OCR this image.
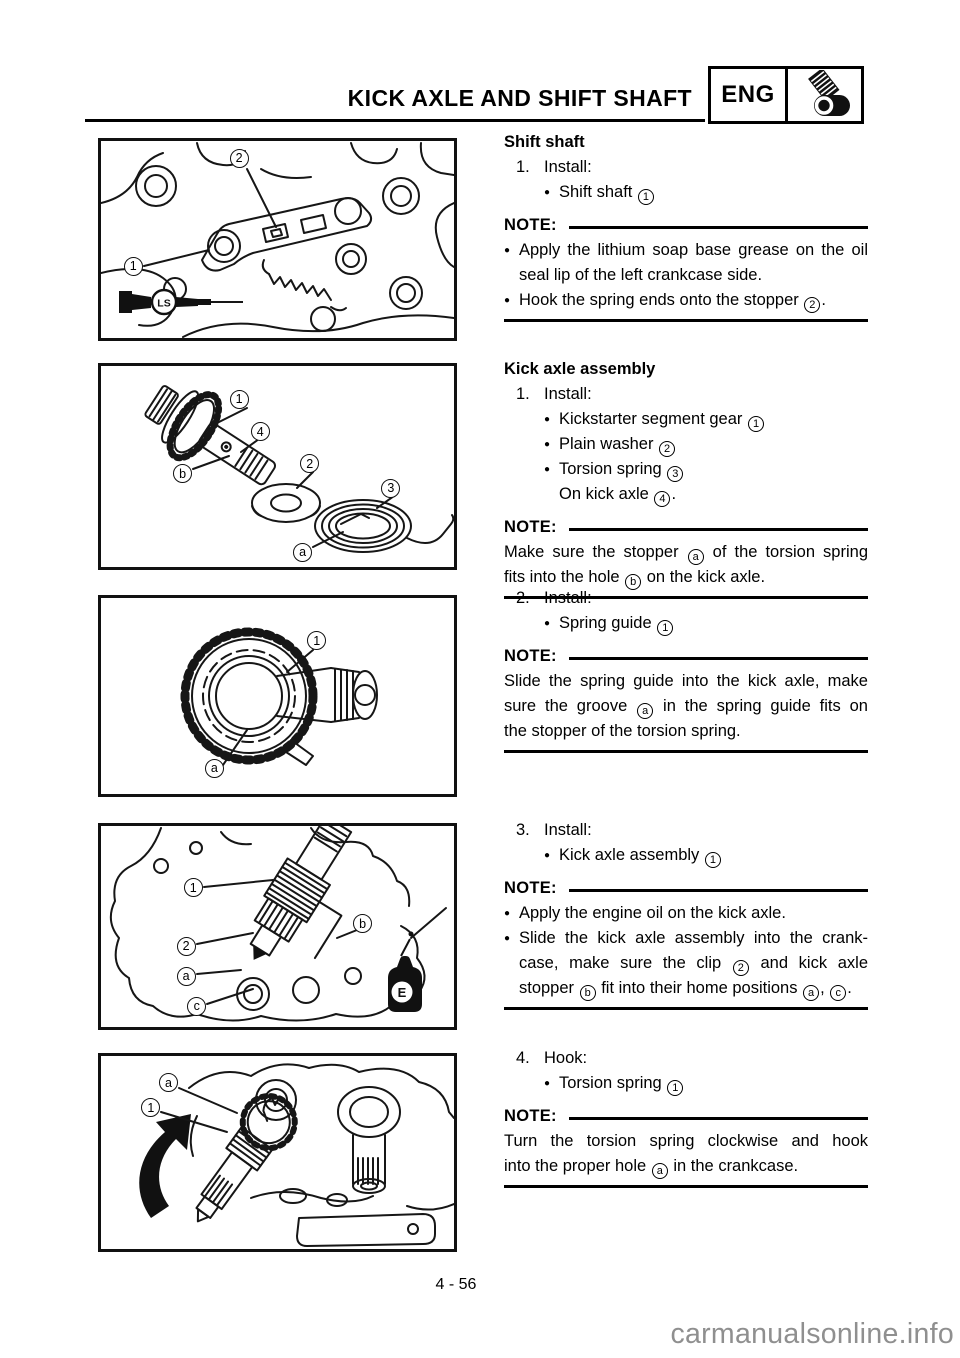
KICK AXLE AND SHIFT SHAFT	ENG
LS
2
1
1
4
b
2
3
a
1
a
E
1
2
a
c
b
a
1
Shift shaft
1. Install:
● Shift shaft 1
NOTE:
● Apply the lithium soap base grease on the oil
seal lip of the left crankcase side.
● Hook the spring ends onto the stopper 2 .
Kick axle assembly
1. Install:
● Kickstarter segment gear 1
● Plain washer 2
● Torsion spring 3
On kick axle 4 .
NOTE:
Make sure the stopper a of the torsion spring
fits into the hole b on the kick axle.
2. Install:
● Spring guide 1
NOTE:
Slide the spring guide into the kick axle, make
sure the groove a in the spring guide fits on
the stopper of the torsion spring.
3. Install:
● Kick axle assembly 1
NOTE:
● Apply the engine oil on the kick axle.
● Slide the kick axle assembly into the crank-
case, make sure the clip 2 and kick axle
stopper b fit into their home positions a , c .
4. Hook:
● Torsion spring 1
NOTE:
Turn the torsion spring clockwise and hook
into the proper hole a in the crankcase.
4 - 56
carmanualsonline.info
